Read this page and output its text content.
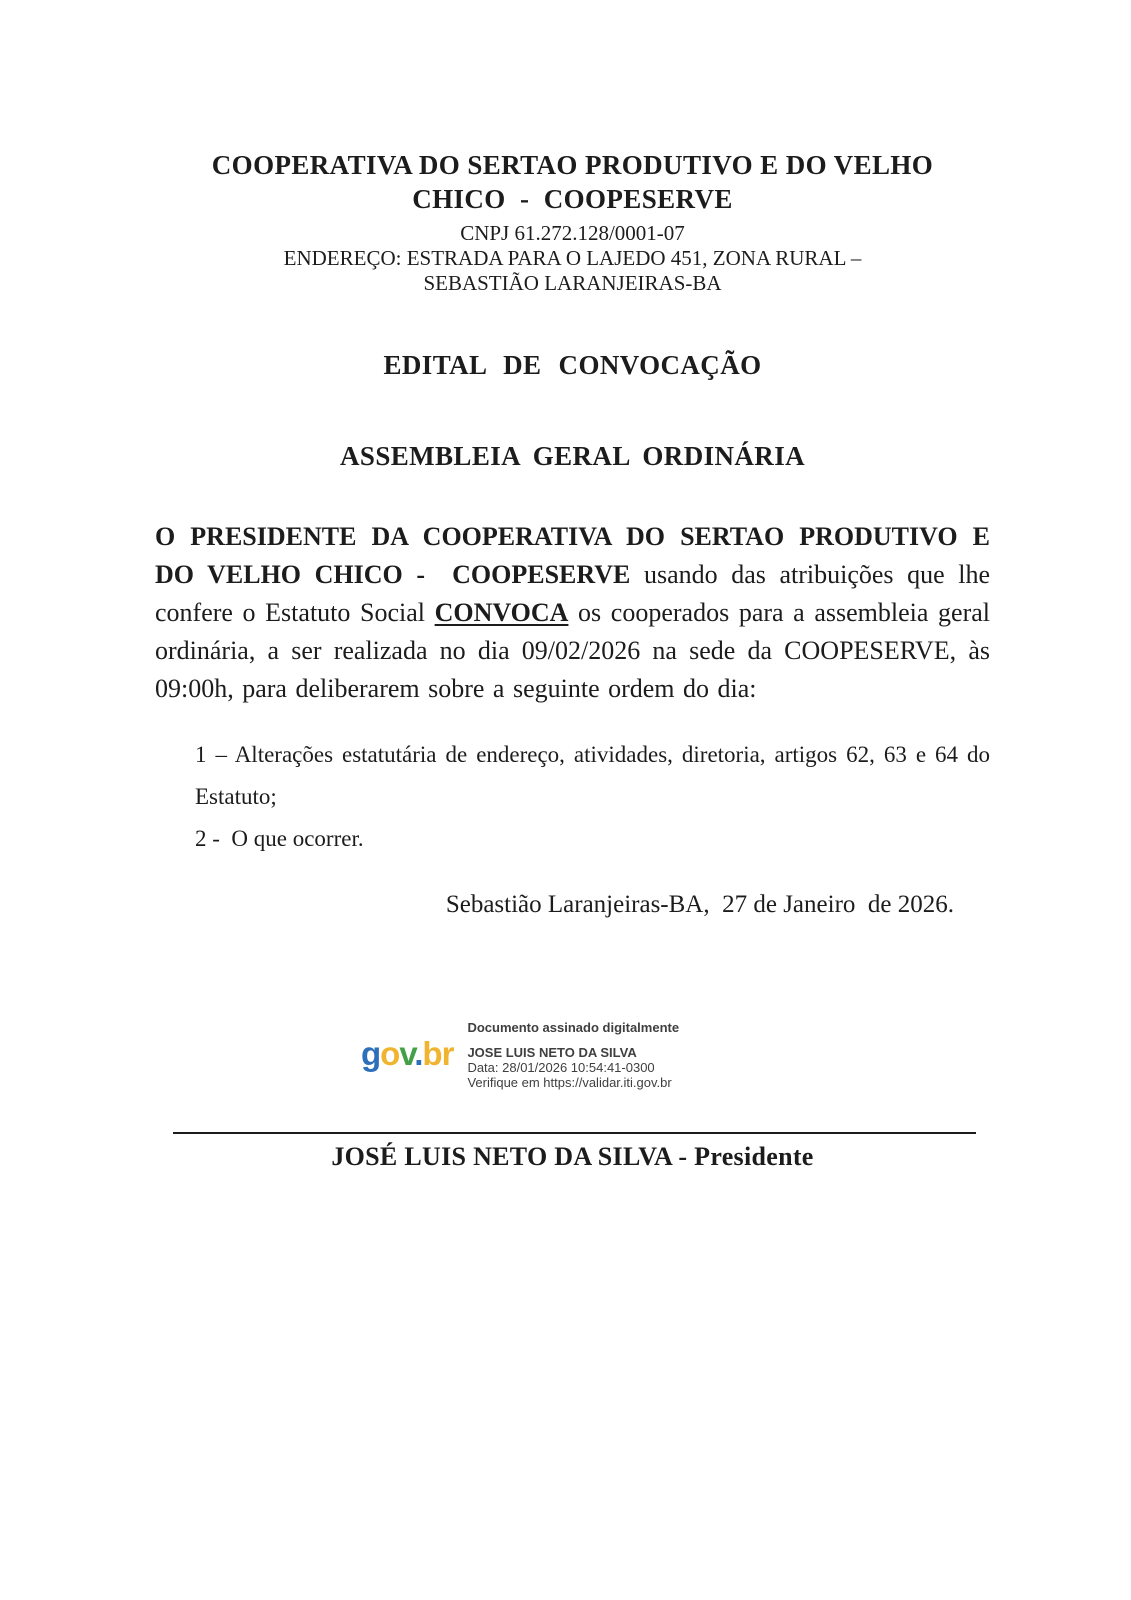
COOPERATIVA DO SERTAO PRODUTIVO E DO VELHO
CHICO  -  COOPESERVE
CNPJ 61.272.128/0001-07
ENDEREÇO: ESTRADA PARA O LAJEDO 451, ZONA RURAL –
SEBASTIÃO LARANJEIRAS-BA
EDITAL DE CONVOCAÇÃO
ASSEMBLEIA GERAL ORDINÁRIA

O PRESIDENTE DA COOPERATIVA DO SERTAO PRODUTIVO E DO VELHO CHICO -  COOPESERVE usando das atribuições que lhe confere o Estatuto Social CONVOCA os cooperados para a assembleia geral ordinária, a ser realizada no dia 09/02/2026 na sede da COOPESERVE, às 09:00h, para deliberarem sobre a seguinte ordem do dia:

1 – Alterações estatutária de endereço, atividades, diretoria, artigos 62, 63 e 64 do Estatuto;
2 -  O que ocorrer.
Sebastião Laranjeiras-BA,  27 de Janeiro  de 2026.
gov.br
Documento assinado digitalmente
JOSE LUIS NETO DA SILVA
Data: 28/01/2026 10:54:41-0300
Verifique em https://validar.iti.gov.br
JOSÉ LUIS NETO DA SILVA - Presidente
